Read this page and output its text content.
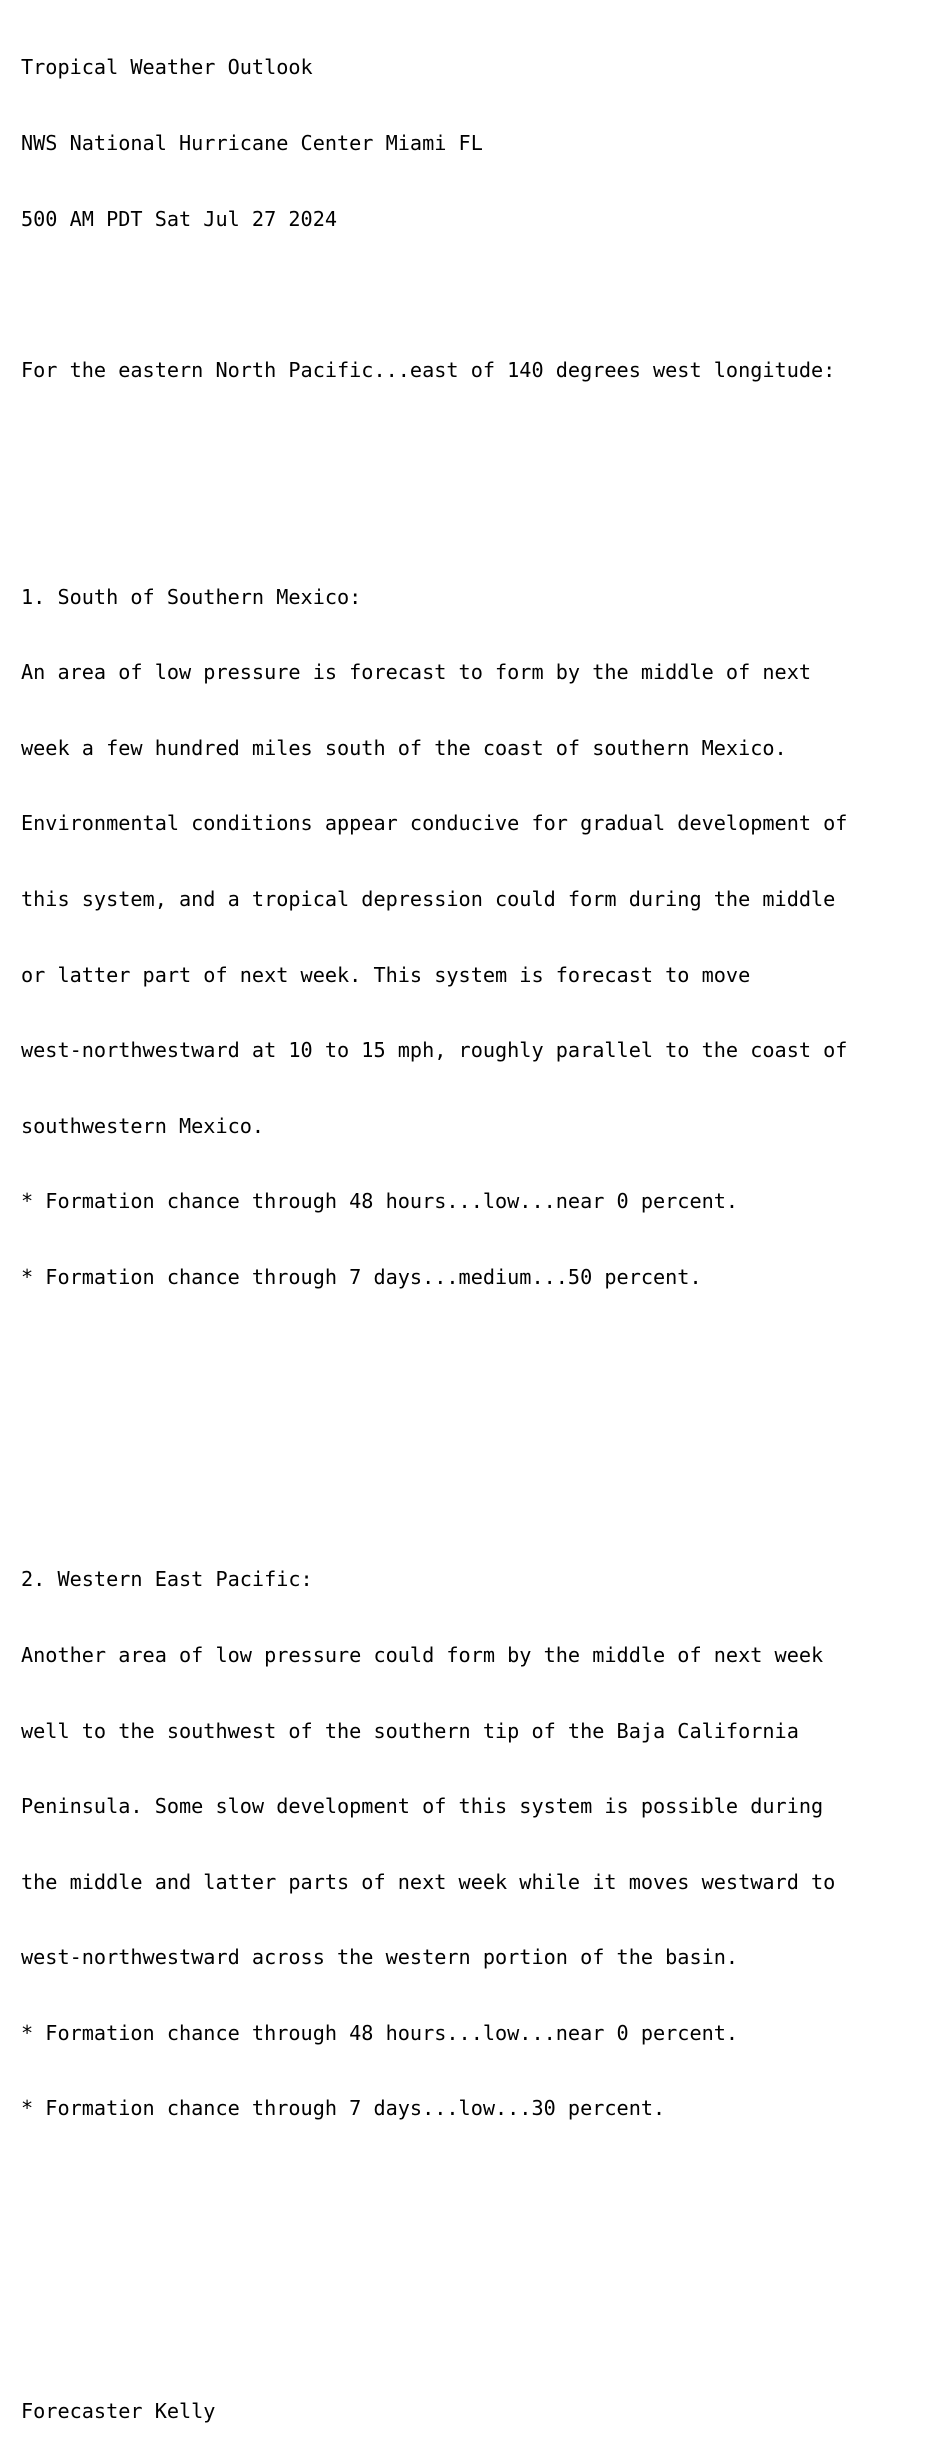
Tropical Weather Outlook

NWS National Hurricane Center Miami FL

500 AM PDT Sat Jul 27 2024

For the eastern North Pacific...east of 140 degrees west longitude:

1. South of Southern Mexico:

An area of low pressure is forecast to form by the middle of next

week a few hundred miles south of the coast of southern Mexico.

Environmental conditions appear conducive for gradual development of

this system, and a tropical depression could form during the middle

or latter part of next week. This system is forecast to move

west-northwestward at 10 to 15 mph, roughly parallel to the coast of

southwestern Mexico.

* Formation chance through 48 hours...low...near 0 percent.

* Formation chance through 7 days...medium...50 percent.

2. Western East Pacific:

Another area of low pressure could form by the middle of next week

well to the southwest of the southern tip of the Baja California

Peninsula. Some slow development of this system is possible during

the middle and latter parts of next week while it moves westward to

west-northwestward across the western portion of the basin.

* Formation chance through 48 hours...low...near 0 percent.

* Formation chance through 7 days...low...30 percent.

Forecaster Kelly
